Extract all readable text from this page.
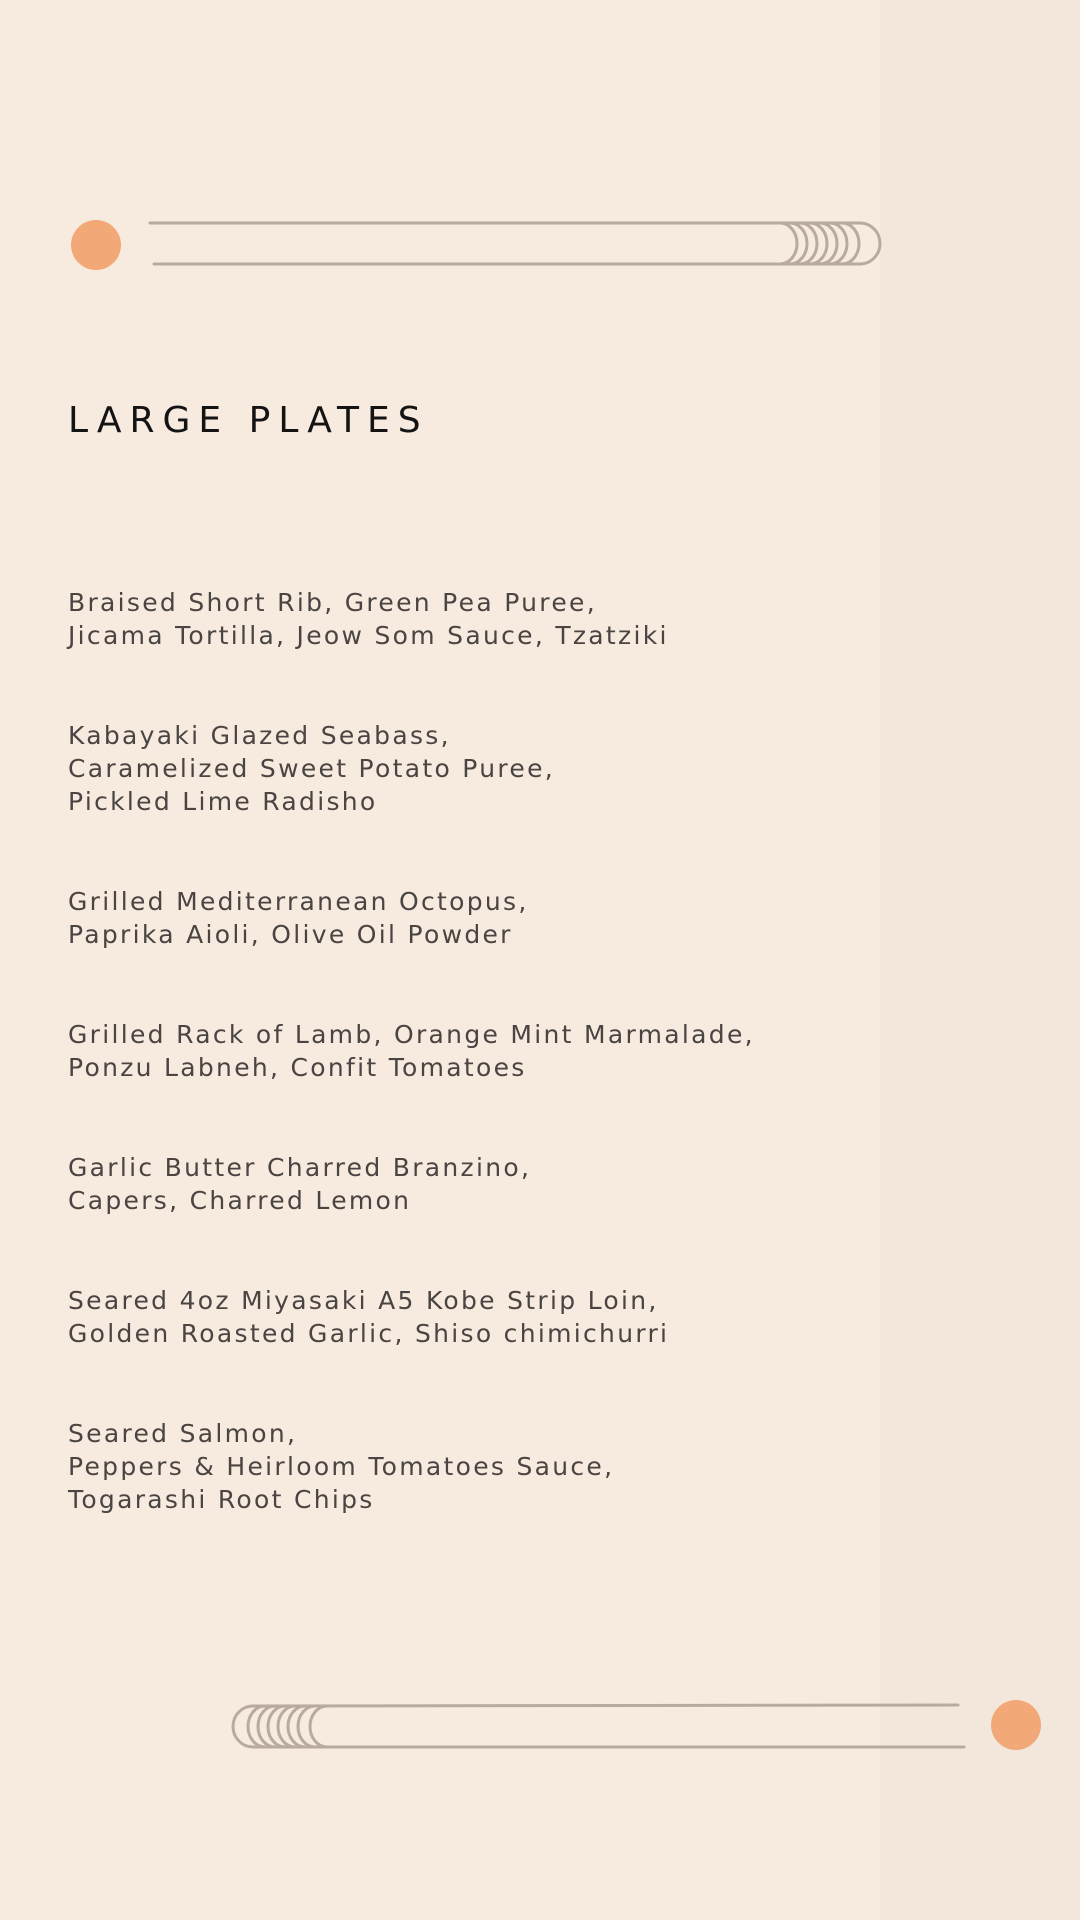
LARGE PLATES
Braised Short Rib, Green Pea Puree,
Jicama Tortilla, Jeow Som Sauce, Tzatziki
Kabayaki Glazed Seabass,
Caramelized Sweet Potato Puree,
Pickled Lime Radisho
Grilled Mediterranean Octopus,
Paprika Aioli, Olive Oil Powder
Grilled Rack of Lamb, Orange Mint Marmalade,
Ponzu Labneh, Confit Tomatoes
Garlic Butter Charred Branzino,
Capers, Charred Lemon
Seared 4oz Miyasaki A5 Kobe Strip Loin,
Golden Roasted Garlic, Shiso chimichurri
Seared Salmon,
Peppers & Heirloom Tomatoes Sauce,
Togarashi Root Chips
